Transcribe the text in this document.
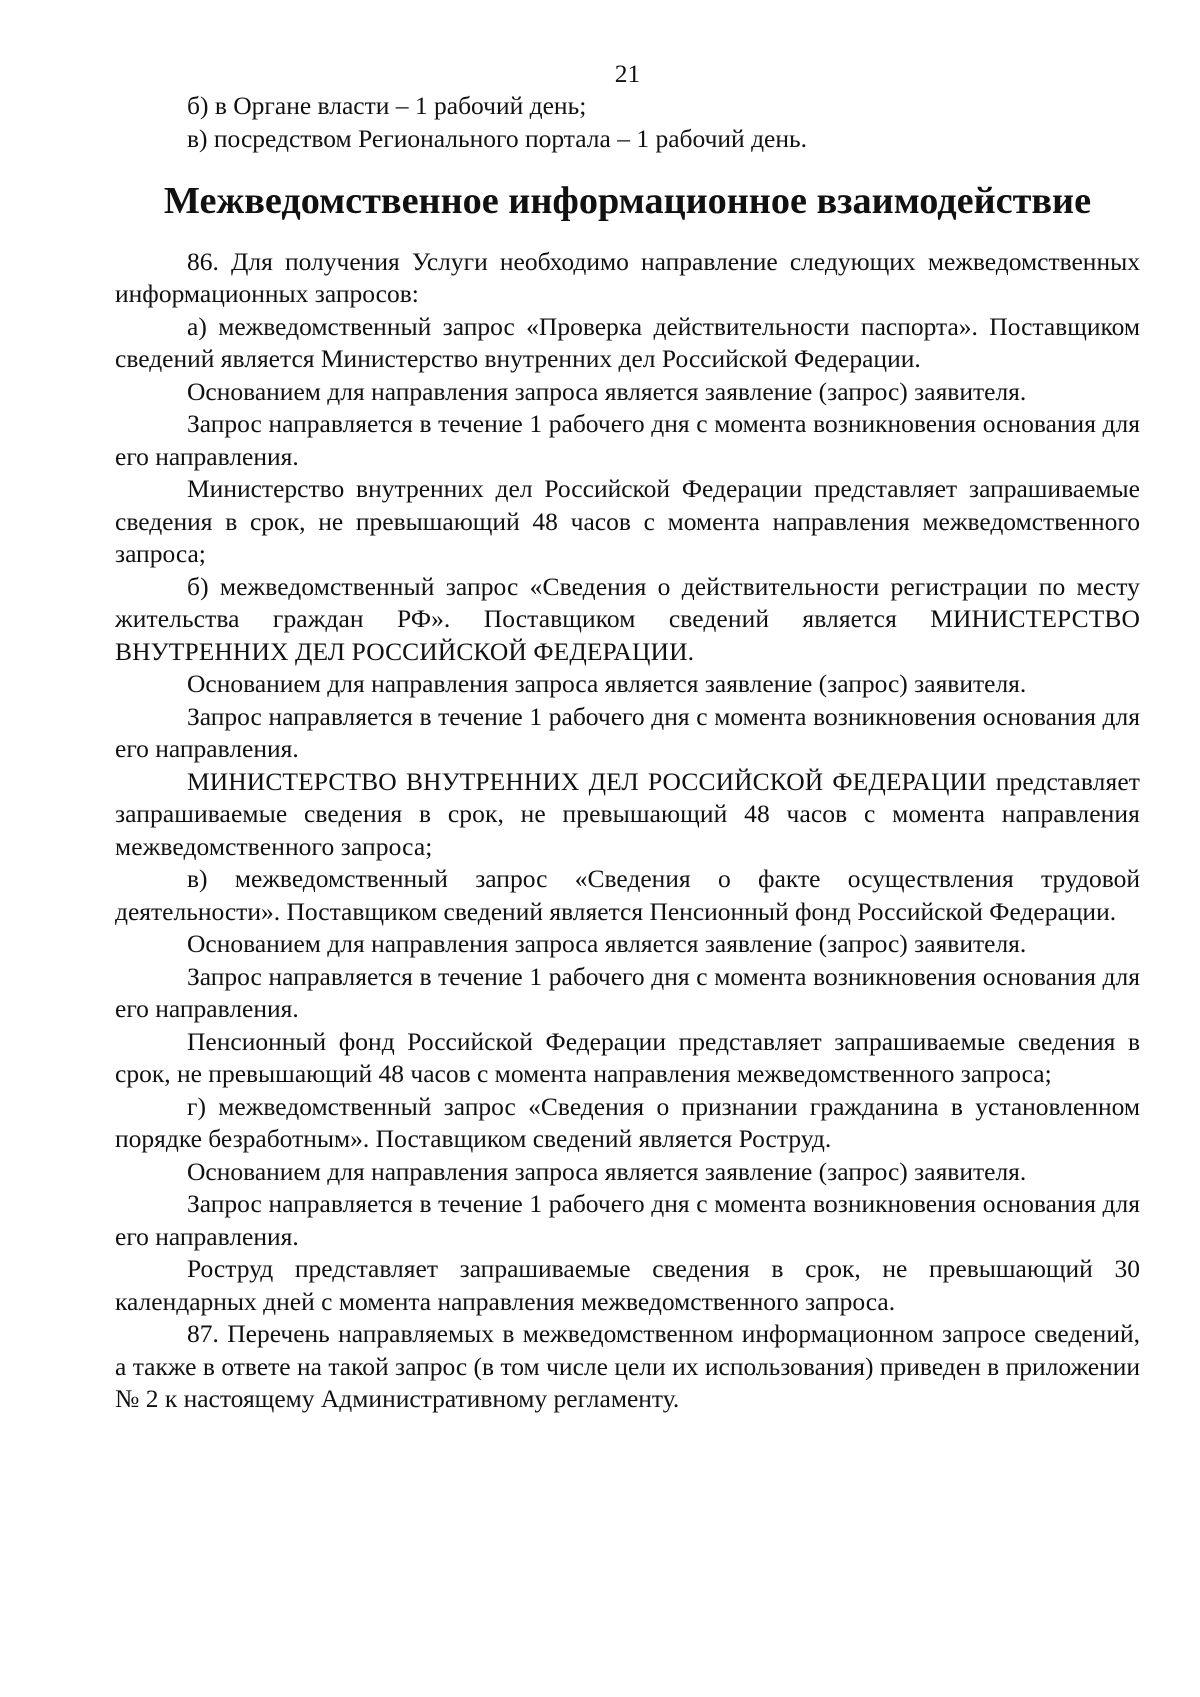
21

б) в Органе власти – 1 рабочий день;

в) посредством Регионального портала – 1 рабочий день.

Межведомственное информационное взаимодействие

86. Для получения Услуги необходимо направление следующих межведомственных информационных запросов:

а) межведомственный запрос «Проверка действительности паспорта». Поставщиком сведений является Министерство внутренних дел Российской Федерации.

Основанием для направления запроса является заявление (запрос) заявителя.

Запрос направляется в течение 1 рабочего дня с момента возникновения основания для его направления.

Министерство внутренних дел Российской Федерации представляет запрашиваемые сведения в срок, не превышающий 48 часов с момента направления межведомственного запроса;

б) межведомственный запрос «Сведения о действительности регистрации по месту жительства граждан РФ». Поставщиком сведений является МИНИСТЕРСТВО ВНУТРЕННИХ ДЕЛ РОССИЙСКОЙ ФЕДЕРАЦИИ.

Основанием для направления запроса является заявление (запрос) заявителя.

Запрос направляется в течение 1 рабочего дня с момента возникновения основания для его направления.

МИНИСТЕРСТВО ВНУТРЕННИХ ДЕЛ РОССИЙСКОЙ ФЕДЕРАЦИИ представляет запрашиваемые сведения в срок, не превышающий 48 часов с момента направления межведомственного запроса;

в) межведомственный запрос «Сведения о факте осуществления трудовой деятельности». Поставщиком сведений является Пенсионный фонд Российской Федерации.

Основанием для направления запроса является заявление (запрос) заявителя.

Запрос направляется в течение 1 рабочего дня с момента возникновения основания для его направления.

Пенсионный фонд Российской Федерации представляет запрашиваемые сведения в срок, не превышающий 48 часов с момента направления межведомственного запроса;

г) межведомственный запрос «Сведения о признании гражданина в установленном порядке безработным». Поставщиком сведений является Роструд.

Основанием для направления запроса является заявление (запрос) заявителя.

Запрос направляется в течение 1 рабочего дня с момента возникновения основания для его направления.

Роструд представляет запрашиваемые сведения в срок, не превышающий 30 календарных дней с момента направления межведомственного запроса.

87. Перечень направляемых в межведомственном информационном запросе сведений, а также в ответе на такой запрос (в том числе цели их использования) приведен в приложении № 2 к настоящему Административному регламенту.
